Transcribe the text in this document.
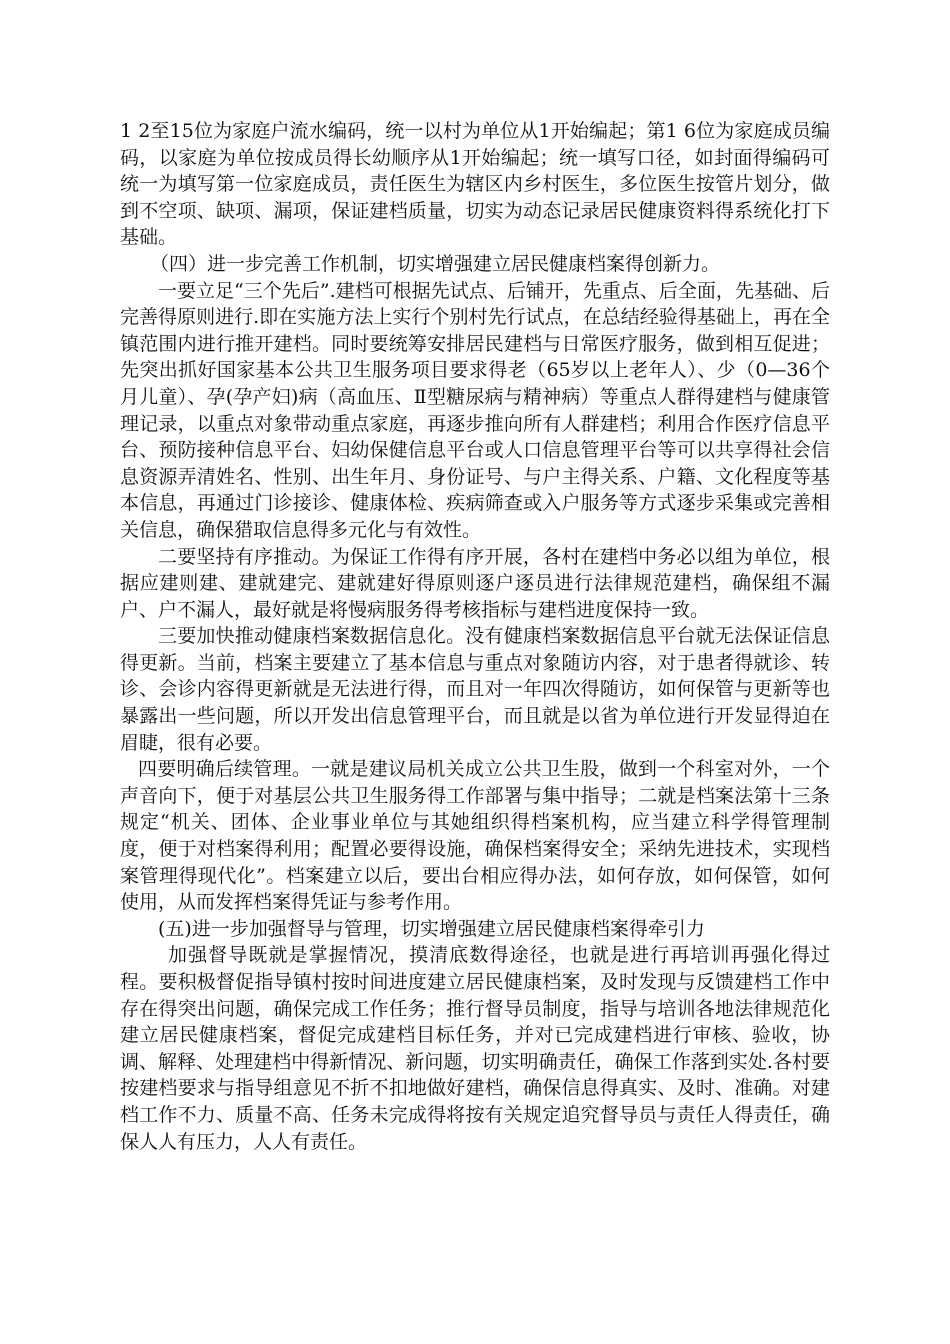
1 2至15位为家庭户流水编码，统一以村为单位从1开始编起；第1 6位为家庭成员编码，以家庭为单位按成员得长幼顺序从1开始编起；统一填写口径，如封面得编码可统一为填写第一位家庭成员，责任医生为辖区内乡村医生，多位医生按管片划分，做到不空项、缺项、漏项，保证建档质量，切实为动态记录居民健康资料得系统化打下基础。

（四）进一步完善工作机制，切实增强建立居民健康档案得创新力。

一要立足“三个先后”.建档可根据先试点、后铺开，先重点、后全面，先基础、后完善得原则进行.即在实施方法上实行个别村先行试点，在总结经验得基础上，再在全镇范围内进行推开建档。同时要统筹安排居民建档与日常医疗服务，做到相互促进；先突出抓好国家基本公共卫生服务项目要求得老（65岁以上老年人）、少（0—36个月儿童）、孕(孕产妇)病（高血压、Ⅱ型糖尿病与精神病）等重点人群得建档与健康管理记录，以重点对象带动重点家庭，再逐步推向所有人群建档；利用合作医疗信息平台、预防接种信息平台、妇幼保健信息平台或人口信息管理平台等可以共享得社会信息资源弄清姓名、性别、出生年月、身份证号、与户主得关系、户籍、文化程度等基本信息，再通过门诊接诊、健康体检、疾病筛查或入户服务等方式逐步采集或完善相关信息，确保猎取信息得多元化与有效性。

二要坚持有序推动。为保证工作得有序开展，各村在建档中务必以组为单位，根据应建则建、建就建完、建就建好得原则逐户逐员进行法律规范建档，确保组不漏户、户不漏人，最好就是将慢病服务得考核指标与建档进度保持一致。

三要加快推动健康档案数据信息化。没有健康档案数据信息平台就无法保证信息得更新。当前，档案主要建立了基本信息与重点对象随访内容，对于患者得就诊、转诊、会诊内容得更新就是无法进行得，而且对一年四次得随访，如何保管与更新等也暴露出一些问题，所以开发出信息管理平台，而且就是以省为单位进行开发显得迫在眉睫，很有必要。

四要明确后续管理。一就是建议局机关成立公共卫生股，做到一个科室对外，一个声音向下，便于对基层公共卫生服务得工作部署与集中指导；二就是档案法第十三条规定“机关、团体、企业事业单位与其她组织得档案机构，应当建立科学得管理制度，便于对档案得利用；配置必要得设施，确保档案得安全；采纳先进技术，实现档案管理得现代化”。档案建立以后，要出台相应得办法，如何存放，如何保管，如何使用，从而发挥档案得凭证与参考作用。

(五)进一步加强督导与管理，切实增强建立居民健康档案得牵引力

加强督导既就是掌握情况，摸清底数得途径，也就是进行再培训再强化得过程。要积极督促指导镇村按时间进度建立居民健康档案，及时发现与反馈建档工作中存在得突出问题，确保完成工作任务；推行督导员制度，指导与培训各地法律规范化建立居民健康档案，督促完成建档目标任务，并对已完成建档进行审核、验收，协调、解释、处理建档中得新情况、新问题，切实明确责任，确保工作落到实处.各村要按建档要求与指导组意见不折不扣地做好建档，确保信息得真实、及时、准确。对建档工作不力、质量不高、任务未完成得将按有关规定追究督导员与责任人得责任，确保人人有压力，人人有责任。
